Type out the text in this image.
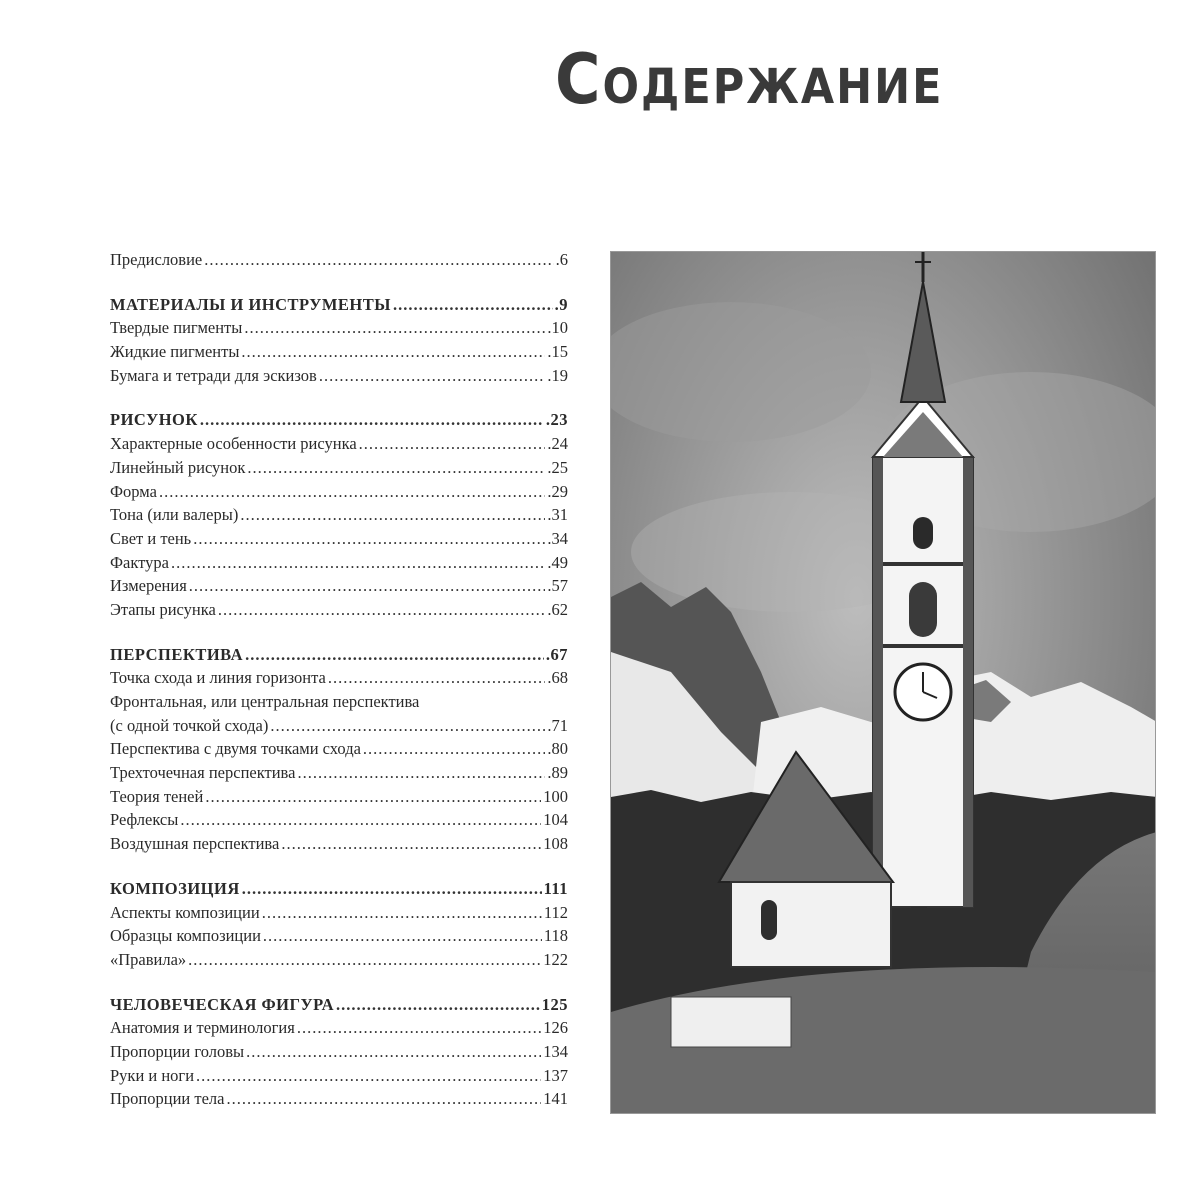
Содержание
Предисловие .....	.6
МАТЕРИАЛЫ И ИНСТРУМЕНТЫ .....	.9
Твердые пигменты .....	.10
Жидкие пигменты .....	.15
Бумага и тетради для эскизов .....	.19
РИСУНОК .....	.23
Характерные особенности рисунка .....	.24
Линейный рисунок .....	.25
Форма .....	.29
Тона (или валеры) .....	.31
Свет и тень .....	.34
Фактура .....	.49
Измерения .....	.57
Этапы рисунка .....	.62
ПЕРСПЕКТИВА .....	.67
Точка схода и линия горизонта .....	.68
Фронтальная, или центральная перспектива
(с одной точкой схода) .....	.71
Перспектива с двумя точками схода .....	.80
Трехточечная перспектива .....	.89
Теория теней .....	100
Рефлексы .....	104
Воздушная перспектива .....	108
КОМПОЗИЦИЯ .....	111
Аспекты композиции .....	112
Образцы композиции .....	118
«Правила» .....	122
ЧЕЛОВЕЧЕСКАЯ ФИГУРА .....	125
Анатомия и терминология .....	126
Пропорции головы .....	134
Руки и ноги .....	137
Пропорции тела .....	141
